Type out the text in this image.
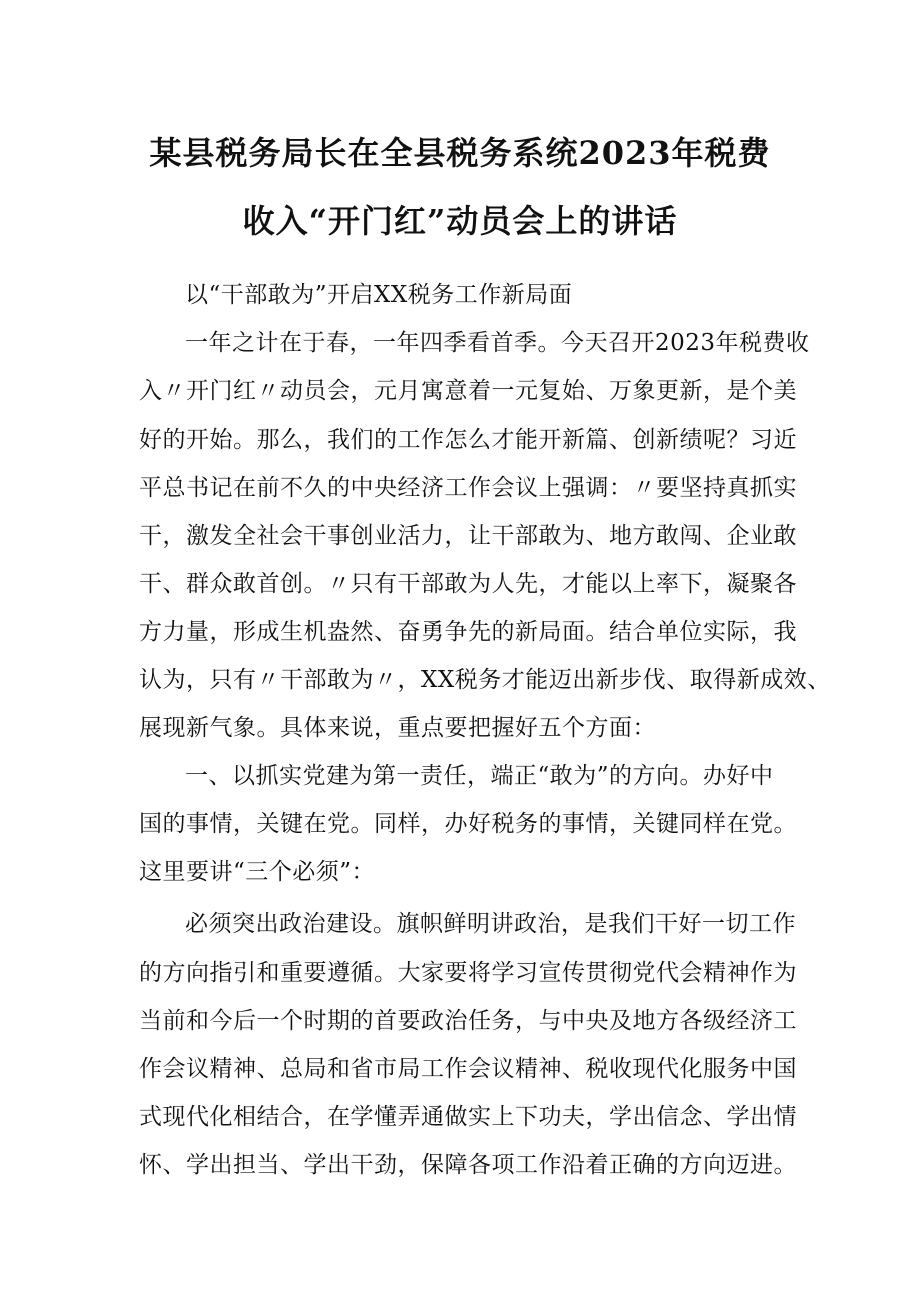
某县税务局长在全县税务系统2023年税费
收入“开门红”动员会上的讲话
以“干部敢为”开启XX税务工作新局面
一年之计在于春，一年四季看首季。今天召开2023年税费收
入〃开门红〃动员会，元月寓意着一元复始、万象更新，是个美
好的开始。那么，我们的工作怎么才能开新篇、创新绩呢？习近
平总书记在前不久的中央经济工作会议上强调：〃要坚持真抓实
干，激发全社会干事创业活力，让干部敢为、地方敢闯、企业敢
干、群众敢首创。〃只有干部敢为人先，才能以上率下，凝聚各
方力量，形成生机盎然、奋勇争先的新局面。结合单位实际，我
认为，只有〃干部敢为〃，XX税务才能迈出新步伐、取得新成效、
展现新气象。具体来说，重点要把握好五个方面：
一、以抓实党建为第一责任，端正“敢为”的方向。办好中
国的事情，关键在党。同样，办好税务的事情，关键同样在党。
这里要讲“三个必须”：
必须突出政治建设。旗帜鲜明讲政治，是我们干好一切工作
的方向指引和重要遵循。大家要将学习宣传贯彻党代会精神作为
当前和今后一个时期的首要政治任务，与中央及地方各级经济工
作会议精神、总局和省市局工作会议精神、税收现代化服务中国
式现代化相结合，在学懂弄通做实上下功夫，学出信念、学出情
怀、学出担当、学出干劲，保障各项工作沿着正确的方向迈进。
